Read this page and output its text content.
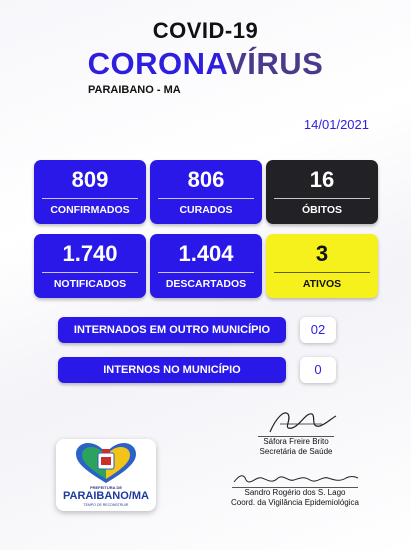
COVID-19
CORONAVÍRUS
PARAIBANO - MA
14/01/2021
809
CONFIRMADOS
806
CURADOS
16
ÓBITOS
1.740
NOTIFICADOS
1.404
DESCARTADOS
3
ATIVOS
INTERNADOS EM OUTRO MUNICÍPIO	02
INTERNOS NO MUNICÍPIO	0
PREFEITURA DE
PARAIBANO/MA
TEMPO DE RECONSTRUIR
Sáfora Freire Brito
Secretária de Saúde
Sandro Rogério dos S. Lago
Coord. da Vigilância Epidemiológica
